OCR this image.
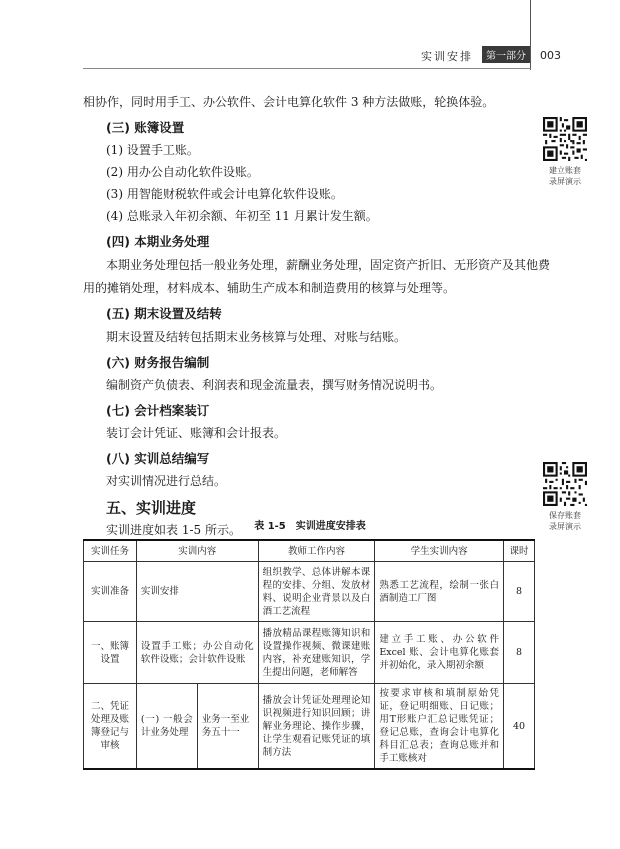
实训安排	第一部分	003
相协作，同时用手工、办公软件、会计电算化软件 3 种方法做账，轮换体验。
(三) 账簿设置
(1) 设置手工账。
(2) 用办公自动化软件设账。
(3) 用智能财税软件或会计电算化软件设账。
(4) 总账录入年初余额、年初至 11 月累计发生额。
(四) 本期业务处理
本期业务处理包括一般业务处理，薪酬业务处理，固定资产折旧、无形资产及其他费
用的摊销处理，材料成本、辅助生产成本和制造费用的核算与处理等。
(五) 期末设置及结转
期末设置及结转包括期末业务核算与处理、对账与结账。
(六) 财务报告编制
编制资产负债表、利润表和现金流量表，撰写财务情况说明书。
(七) 会计档案装订
装订会计凭证、账簿和会计报表。
(八) 实训总结编写
对实训情况进行总结。
五、实训进度
实训进度如表 1-5 所示。
建立账套
录屏演示
保存账套
录屏演示
表 1-5　实训进度安排表
实训任务	实训内容		教师工作内容	学生实训内容	课时
实训准备	实训安排		组织教学、总体讲解本课程的安排、分组、发放材料、说明企业背景以及白酒工艺流程	熟悉工艺流程，绘制一张白酒制造工厂图	8
一、账簿设置	设置手工账；办公自动化软件设账；会计软件设账		播放精品课程账簿知识和设置操作视频、微课建账内容，补充建账知识，学生提出问题，老师解答	建立手工账、办公软件 Excel 账、会计电算化账套并初始化，录入期初余额	8
二、凭证处理及账簿登记与审核	(一) 一般会计业务处理	业务一至业务五十一	播放会计凭证处理理论知识视频进行知识回顾；讲解业务理论、操作步骤，让学生观看记账凭证的填制方法	按要求审核和填制原始凭证，登记明细账、日记账；用T形账户汇总记账凭证；登记总账，查询会计电算化科目汇总表；查询总账并和手工账核对	40
